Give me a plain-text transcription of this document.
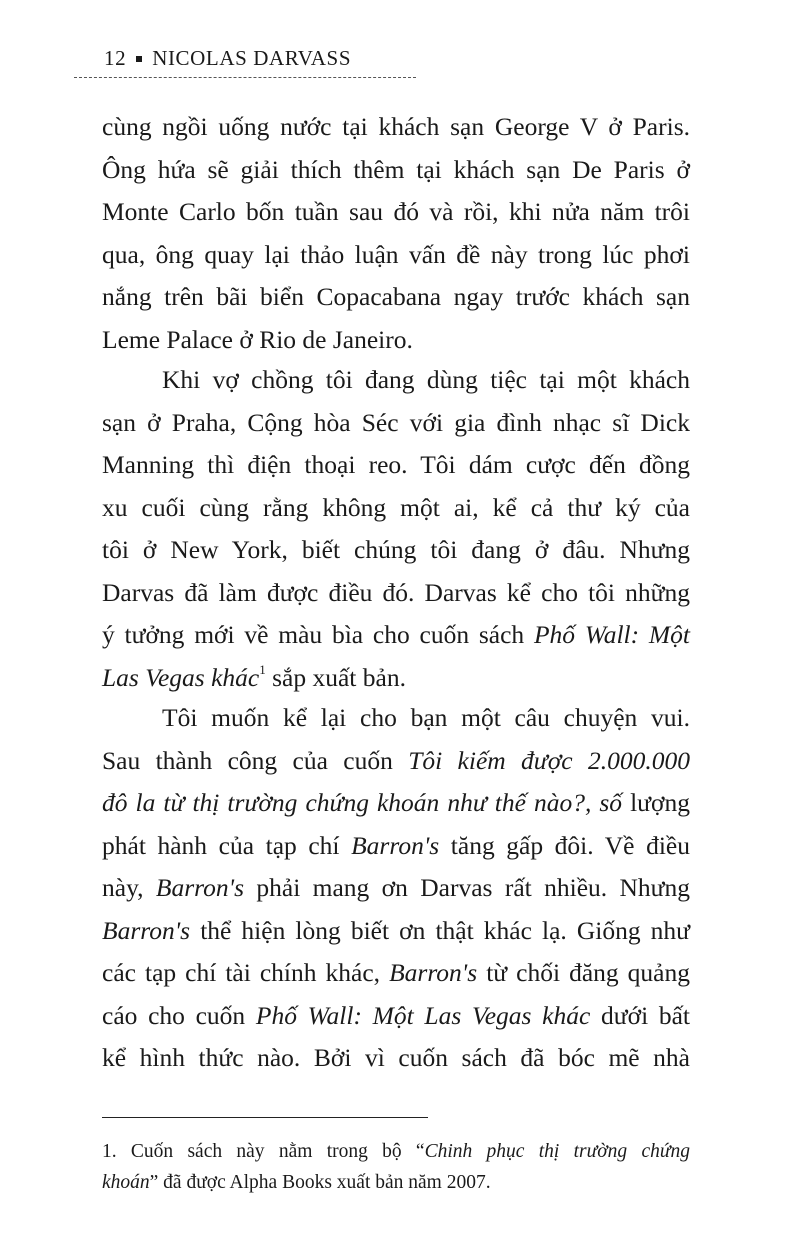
12 NICOLAS DARVASS
cùng ngồi uống nước tại khách sạn George V ở Paris.
Ông hứa sẽ giải thích thêm tại khách sạn De Paris ở
Monte Carlo bốn tuần sau đó và rồi, khi nửa năm trôi
qua, ông quay lại thảo luận vấn đề này trong lúc phơi
nắng trên bãi biển Copacabana ngay trước khách sạn
Leme Palace ở Rio de Janeiro.
Khi vợ chồng tôi đang dùng tiệc tại một khách
sạn ở Praha, Cộng hòa Séc với gia đình nhạc sĩ Dick
Manning thì điện thoại reo. Tôi dám cược đến đồng
xu cuối cùng rằng không một ai, kể cả thư ký của
tôi ở New York, biết chúng tôi đang ở đâu. Nhưng
Darvas đã làm được điều đó. Darvas kể cho tôi những
ý tưởng mới về màu bìa cho cuốn sách Phố Wall: Một
Las Vegas khác$^1$ sắp xuất bản.
Tôi muốn kể lại cho bạn một câu chuyện vui.
Sau thành công của cuốn Tôi kiếm được 2.000.000
đô la từ thị trường chứng khoán như thế nào?, số lượng
phát hành của tạp chí Barron's tăng gấp đôi. Về điều
này, Barron's phải mang ơn Darvas rất nhiều. Nhưng
Barron's thể hiện lòng biết ơn thật khác lạ. Giống như
các tạp chí tài chính khác, Barron's từ chối đăng quảng
cáo cho cuốn Phố Wall: Một Las Vegas khác dưới bất
kể hình thức nào. Bởi vì cuốn sách đã bóc mẽ nhà
1. Cuốn sách này nằm trong bộ “Chinh phục thị trường chứng
khoán” đã được Alpha Books xuất bản năm 2007.
